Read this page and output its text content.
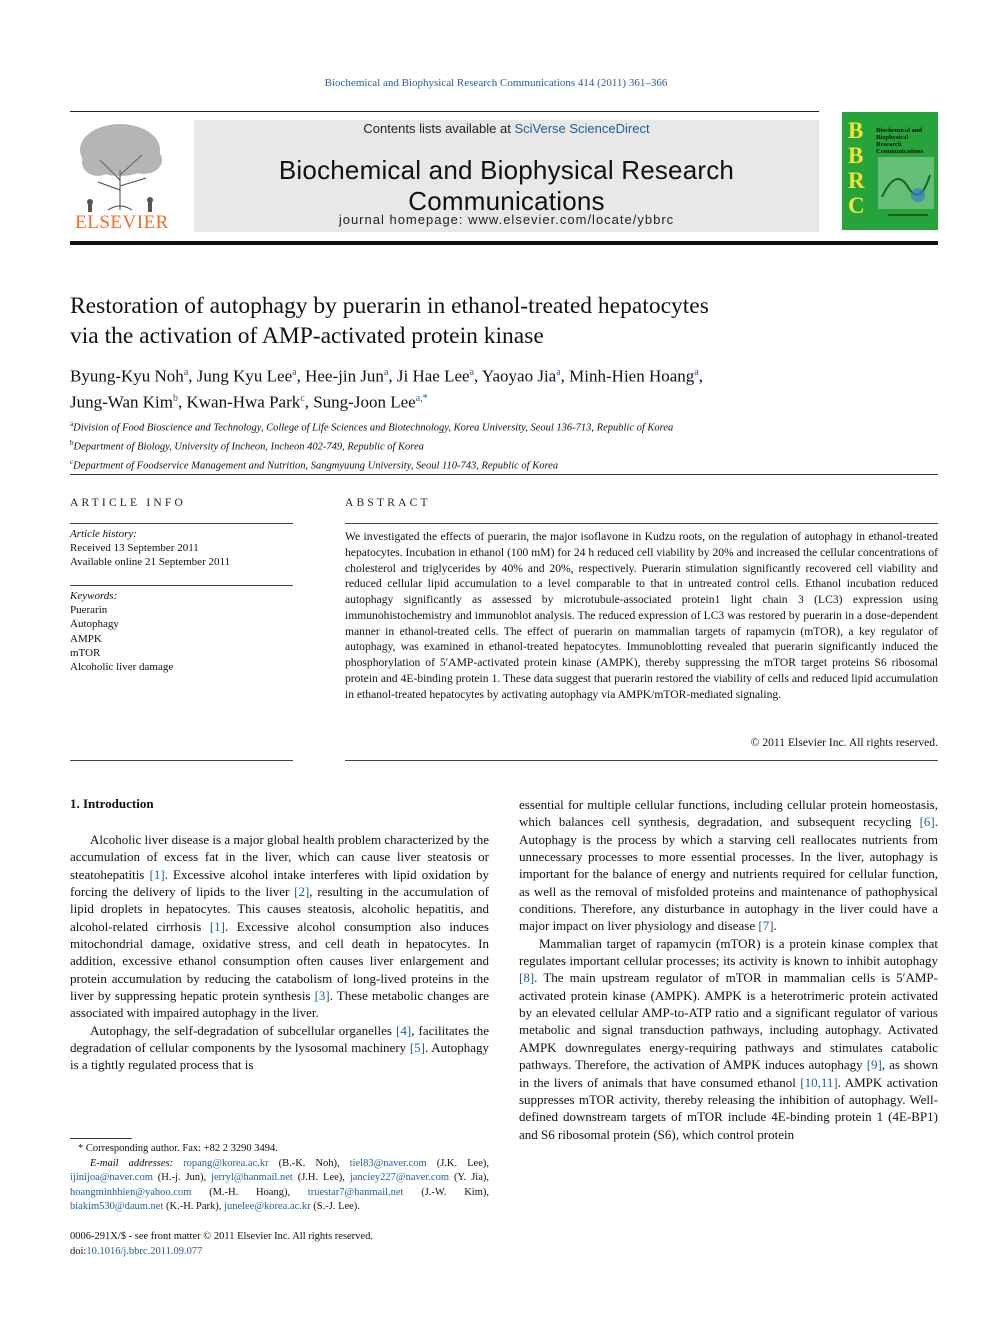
Biochemical and Biophysical Research Communications 414 (2011) 361–366
ELSEVIER
Contents lists available at SciVerse ScienceDirect
Biochemical and Biophysical Research Communications
journal homepage: www.elsevier.com/locate/ybbrc
B
B
R
C
Biochemical and Biophysical Research Communications
Restoration of autophagy by puerarin in ethanol-treated hepatocytes
via the activation of AMP-activated protein kinase
Byung-Kyu Noh$^a$, Jung Kyu Lee$^a$, Hee-jin Jun$^a$, Ji Hae Lee$^a$, Yaoyao Jia$^a$, Minh-Hien Hoang$^a$,
Jung-Wan Kim$^b$, Kwan-Hwa Park$^c$, Sung-Joon Lee$^{a,*}$
$^a$Division of Food Bioscience and Technology, College of Life Sciences and Biotechnology, Korea University, Seoul 136-713, Republic of Korea
$^b$Department of Biology, University of Incheon, Incheon 402-749, Republic of Korea
$^c$Department of Foodservice Management and Nutrition, Sangmyuung University, Seoul 110-743, Republic of Korea
ARTICLE INFO
Article history:
Received 13 September 2011
Available online 21 September 2011
Keywords:
Puerarin
Autophagy
AMPK
mTOR
Alcoholic liver damage
ABSTRACT
We investigated the effects of puerarin, the major isoflavone in Kudzu roots, on the regulation of autophagy in ethanol-treated hepatocytes. Incubation in ethanol (100 mM) for 24 h reduced cell viability by 20% and increased the cellular concentrations of cholesterol and triglycerides by 40% and 20%, respectively. Puerarin stimulation significantly recovered cell viability and reduced cellular lipid accumulation to a level comparable to that in untreated control cells. Ethanol incubation reduced autophagy significantly as assessed by microtubule-associated protein1 light chain 3 (LC3) expression using immunohistochemistry and immunoblot analysis. The reduced expression of LC3 was restored by puerarin in a dose-dependent manner in ethanol-treated cells. The effect of puerarin on mammalian targets of rapamycin (mTOR), a key regulator of autophagy, was examined in ethanol-treated hepatocytes. Immunoblotting revealed that puerarin significantly induced the phosphorylation of 5′AMP-activated protein kinase (AMPK), thereby suppressing the mTOR target proteins S6 ribosomal protein and 4E-binding protein 1. These data suggest that puerarin restored the viability of cells and reduced lipid accumulation in ethanol-treated hepatocytes by activating autophagy via AMPK/mTOR-mediated signaling.
© 2011 Elsevier Inc. All rights reserved.
1. Introduction

Alcoholic liver disease is a major global health problem characterized by the accumulation of excess fat in the liver, which can cause liver steatosis or steatohepatitis [1]. Excessive alcohol intake interferes with lipid oxidation by forcing the delivery of lipids to the liver [2], resulting in the accumulation of lipid droplets in hepatocytes. This causes steatosis, alcoholic hepatitis, and alcohol-related cirrhosis [1]. Excessive alcohol consumption also induces mitochondrial damage, oxidative stress, and cell death in hepatocytes. In addition, excessive ethanol consumption often causes liver enlargement and protein accumulation by reducing the catabolism of long-lived proteins in the liver by suppressing hepatic protein synthesis [3]. These metabolic changes are associated with impaired autophagy in the liver.

Autophagy, the self-degradation of subcellular organelles [4], facilitates the degradation of cellular components by the lysosomal machinery [5]. Autophagy is a tightly regulated process that is

essential for multiple cellular functions, including cellular protein homeostasis, which balances cell synthesis, degradation, and subsequent recycling [6]. Autophagy is the process by which a starving cell reallocates nutrients from unnecessary processes to more essential processes. In the liver, autophagy is important for the balance of energy and nutrients required for cellular function, as well as the removal of misfolded proteins and maintenance of pathophysical conditions. Therefore, any disturbance in autophagy in the liver could have a major impact on liver physiology and disease [7].

Mammalian target of rapamycin (mTOR) is a protein kinase complex that regulates important cellular processes; its activity is known to inhibit autophagy [8]. The main upstream regulator of mTOR in mammalian cells is 5′AMP-activated protein kinase (AMPK). AMPK is a heterotrimeric protein activated by an elevated cellular AMP-to-ATP ratio and a significant regulator of various metabolic and signal transduction pathways, including autophagy. Activated AMPK downregulates energy-requiring pathways and stimulates catabolic pathways. Therefore, the activation of AMPK induces autophagy [9], as shown in the livers of animals that have consumed ethanol [10,11]. AMPK activation suppresses mTOR activity, thereby releasing the inhibition of autophagy. Well-defined downstream targets of mTOR include 4E-binding protein 1 (4E-BP1) and S6 ribosomal protein (S6), which control protein

* Corresponding author. Fax: +82 2 3290 3494.
E-mail addresses: ropang@korea.ac.kr (B.-K. Noh), tiel83@naver.com (J.K. Lee), ijinijoa@naver.com (H.-j. Jun), jerryl@hanmail.net (J.H. Lee), janciey227@naver.com (Y. Jia), hoangminhhien@yahoo.com (M.-H. Hoang), truestar7@hanmail.net (J.-W. Kim), biakim530@daum.net (K.-H. Park), junelee@korea.ac.kr (S.-J. Lee).
0006-291X/$ - see front matter © 2011 Elsevier Inc. All rights reserved.
doi:10.1016/j.bbrc.2011.09.077
